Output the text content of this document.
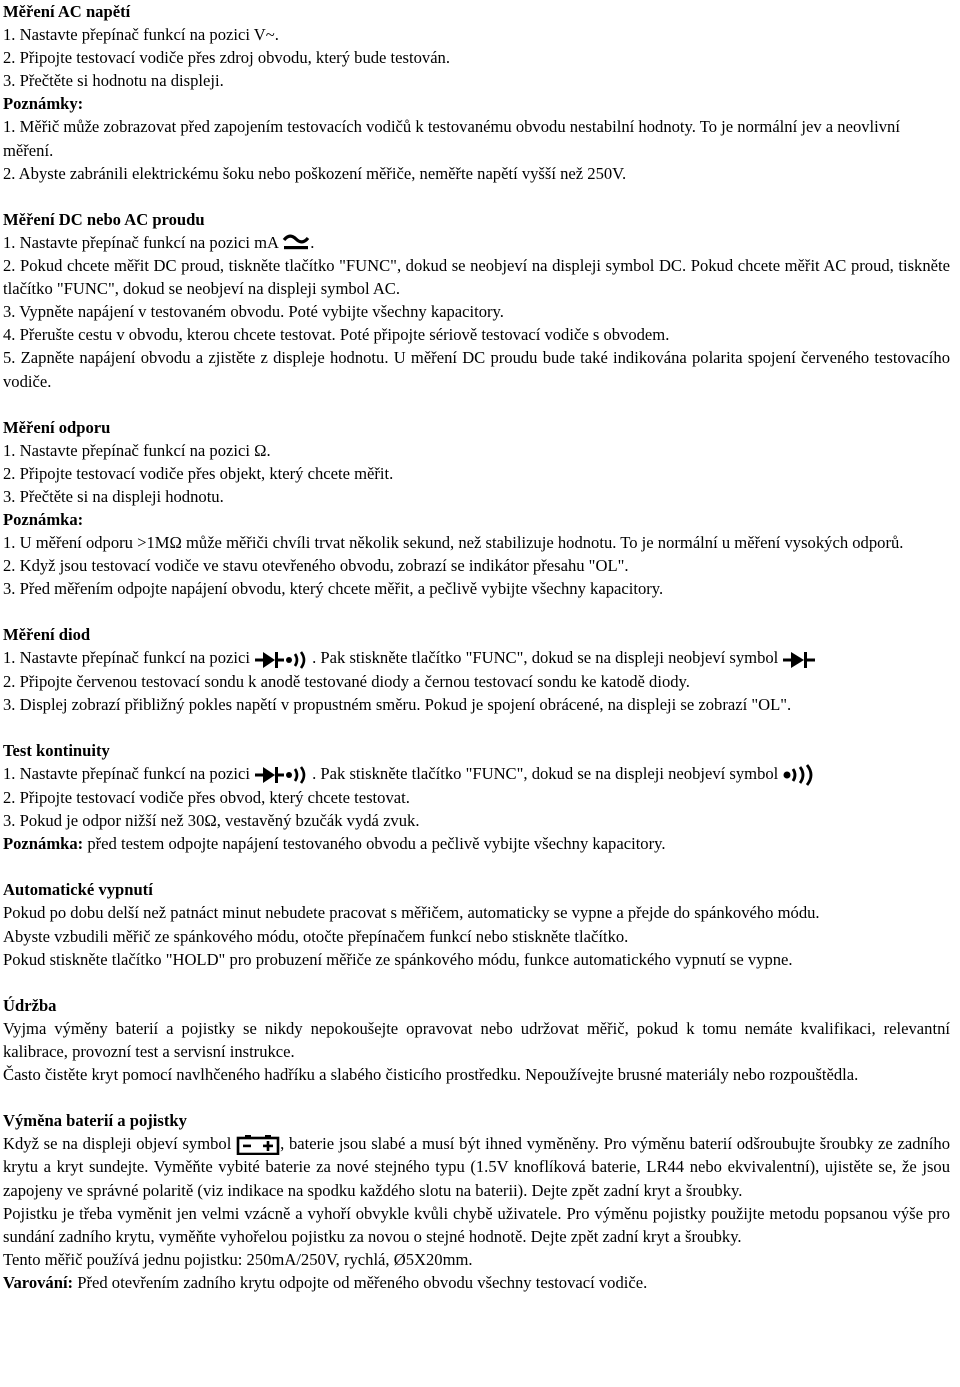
Měření AC napětí

1. Nastavte přepínač funkcí na pozici V~.

2. Připojte testovací vodiče přes zdroj obvodu, který bude testován.

3. Přečtěte si hodnotu na displeji.

Poznámky:

1. Měřič může zobrazovat před zapojením testovacích vodičů k testovanému obvodu nestabilní hodnoty. To je normální jev a neovlivní měření.

2. Abyste zabránili elektrickému šoku nebo poškození měřiče, neměřte napětí vyšší než 250V.

Měření DC nebo AC proudu

1. Nastavte přepínač funkcí na pozici mA .

2. Pokud chcete měřit DC proud, tiskněte tlačítko "FUNC", dokud se neobjeví na displeji symbol DC. Pokud chcete měřit AC proud, tiskněte tlačítko "FUNC", dokud se neobjeví na displeji symbol AC.

3. Vypněte napájení v testovaném obvodu. Poté vybijte všechny kapacitory.

4. Přerušte cestu v obvodu, kterou chcete testovat. Poté připojte sériově testovací vodiče s obvodem.

5. Zapněte napájení obvodu a zjistěte z displeje hodnotu. U měření DC proudu bude také indikována polarita spojení červeného testovacího vodiče.

Měření odporu

1. Nastavte přepínač funkcí na pozici Ω.

2. Připojte testovací vodiče přes objekt, který chcete měřit.

3. Přečtěte si na displeji hodnotu.

Poznámka:

1. U měření odporu >1MΩ může měřiči chvíli trvat několik sekund, než stabilizuje hodnotu. To je normální u měření vysokých odporů.

2. Když jsou testovací vodiče ve stavu otevřeného obvodu, zobrazí se indikátor přesahu "OL".

3. Před měřením odpojte napájení obvodu, který chcete měřit, a pečlivě vybijte všechny kapacitory.

Měření diod

1. Nastavte přepínač funkcí na pozici	. Pak stiskněte tlačítko "FUNC", dokud se na displeji neobjeví symbol

2. Připojte červenou testovací sondu k anodě testované diody a černou testovací sondu ke katodě diody.

3. Displej zobrazí přibližný pokles napětí v propustném směru. Pokud je spojení obrácené, na displeji se zobrazí "OL".

Test kontinuity

1. Nastavte přepínač funkcí na pozici	. Pak stiskněte tlačítko "FUNC", dokud se na displeji neobjeví symbol

2. Připojte testovací vodiče přes obvod, který chcete testovat.

3. Pokud je odpor nižší než 30Ω, vestavěný bzučák vydá zvuk.

Poznámka: před testem odpojte napájení testovaného obvodu a pečlivě vybijte všechny kapacitory.

Automatické vypnutí

Pokud po dobu delší než patnáct minut nebudete pracovat s měřičem, automaticky se vypne a přejde do spánkového módu.

Abyste vzbudili měřič ze spánkového módu, otočte přepínačem funkcí nebo stiskněte tlačítko.

Pokud stiskněte tlačítko "HOLD" pro probuzení měřiče ze spánkového módu, funkce automatického vypnutí se vypne.

Údržba

Vyjma výměny baterií a pojistky se nikdy nepokoušejte opravovat nebo udržovat měřič, pokud k tomu nemáte kvalifikaci, relevantní kalibrace, provozní test a servisní instrukce.

Často čistěte kryt pomocí navlhčeného hadříku a slabého čisticího prostředku. Nepoužívejte brusné materiály nebo rozpouštědla.

Výměna baterií a pojistky

Když se na displeji objeví symbol	, baterie jsou slabé a musí být ihned vyměněny. Pro výměnu baterií odšroubujte šroubky ze zadního krytu a kryt sundejte. Vyměňte vybité baterie za nové stejného typu (1.5V knoflíková baterie, LR44 nebo ekvivalentní), ujistěte se, že jsou zapojeny ve správné polaritě (viz indikace na spodku každého slotu na baterii). Dejte zpět zadní kryt a šroubky.

Pojistku je třeba vyměnit jen velmi vzácně a vyhoří obvykle kvůli chybě uživatele. Pro výměnu pojistky použijte metodu popsanou výše pro sundání zadního krytu, vyměňte vyhořelou pojistku za novou o stejné hodnotě. Dejte zpět zadní kryt a šroubky.

Tento měřič používá jednu pojistku: 250mA/250V, rychlá, Ø5X20mm.

Varování: Před otevřením zadního krytu odpojte od měřeného obvodu všechny testovací vodiče.
